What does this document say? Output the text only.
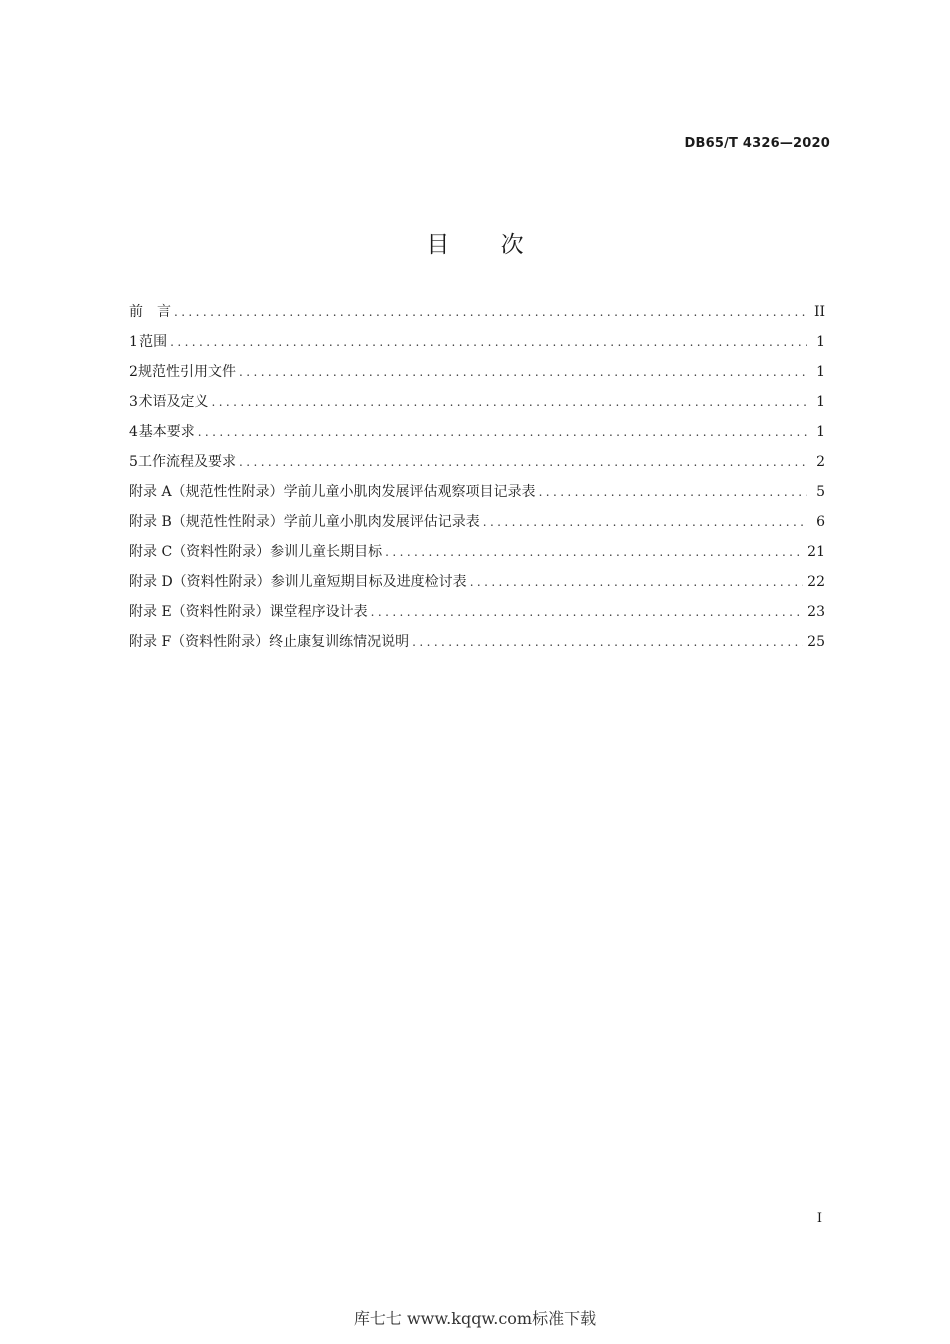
DB65/T 4326—2020
目 次
前　言 .....	II
1 范围 .....	1
2 规范性引用文件 .....	1
3 术语及定义 .....	1
4 基本要求 .....	1
5 工作流程及要求 .....	2
附录 A（规范性性附录） 学前儿童小肌肉发展评估观察项目记录表 .....	5
附录 B（规范性性附录） 学前儿童小肌肉发展评估记录表 .....	6
附录 C（资料性附录） 参训儿童长期目标 .....	21
附录 D（资料性附录） 参训儿童短期目标及进度检讨表 .....	22
附录 E（资料性附录） 课堂程序设计表 .....	23
附录 F（资料性附录） 终止康复训练情况说明 .....	25
I
库七七 www.kqqw.com标准下载
